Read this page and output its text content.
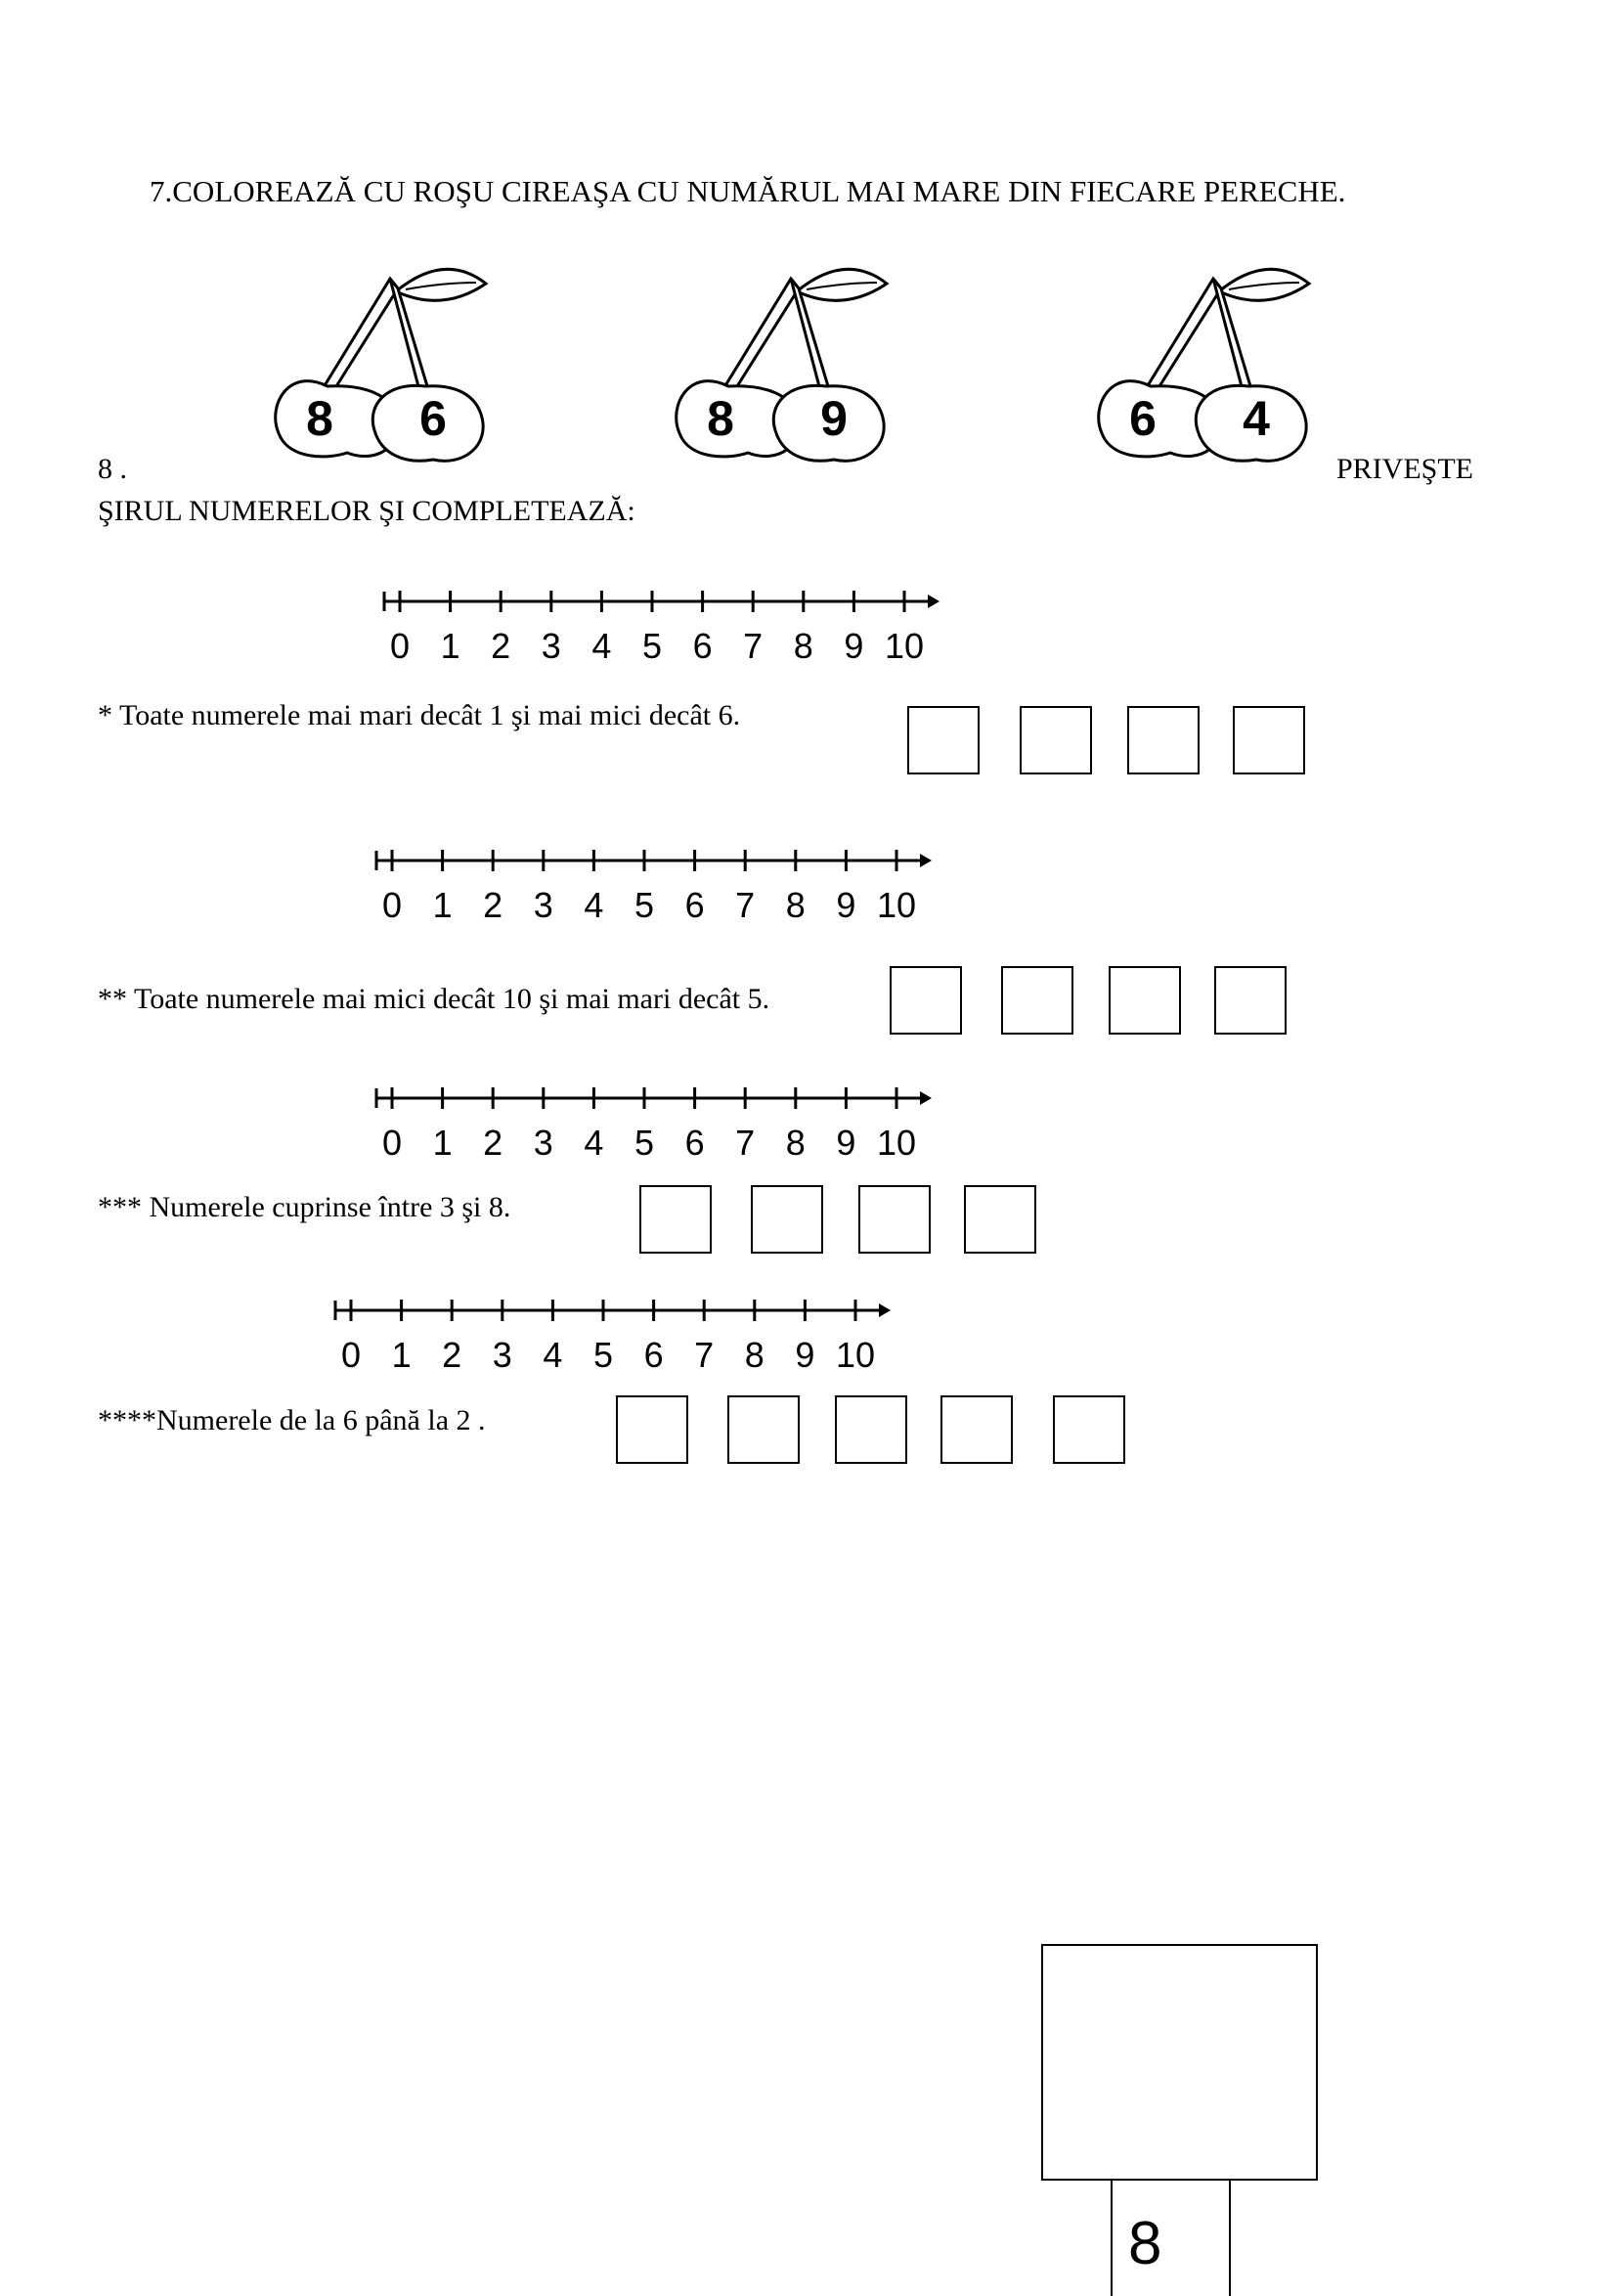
7.COLOREAZĂ CU ROŞU CIREAŞA CU NUMĂRUL MAI MARE DIN FIECARE PERECHE.
8 6	8 9	6 4
8 .	PRIVEŞTE
ŞIRUL NUMERELOR ŞI COMPLETEAZĂ:
0 1 2 3 4 5 6 7 8 9 10
0 1 2 3 4 5 6 7 8 9 10
0 1 2 3 4 5 6 7 8 9 10
0 1 2 3 4 5 6 7 8 9 10
* Toate numerele mai mari decât 1 şi mai mici decât 6.
** Toate numerele mai mici decât 10 şi mai mari decât 5.
*** Numerele cuprinse între 3 şi 8.
****Numerele de la 6 până la 2 .
8
